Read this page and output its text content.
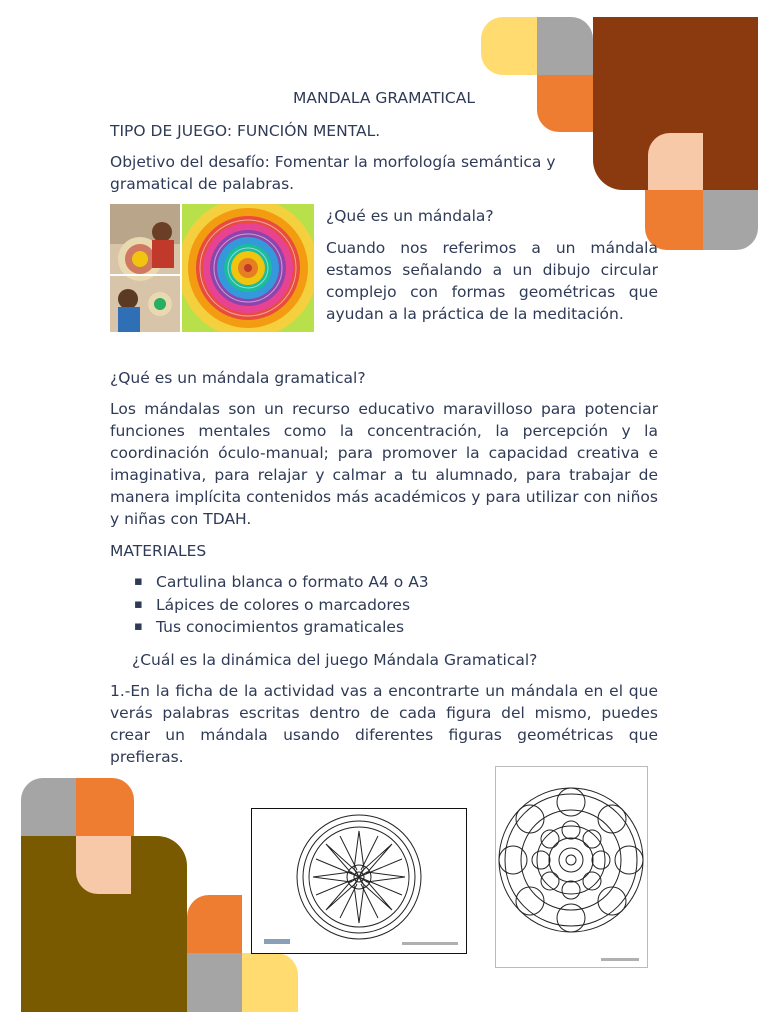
MANDALA GRAMATICAL

TIPO DE JUEGO: FUNCIÓN MENTAL.

Objetivo del desafío: Fomentar la morfología semántica y gramatical de palabras.

¿Qué es un mándala?

Cuando nos referimos a un mándala estamos señalando a un dibujo circular complejo con formas geométricas que ayudan a la práctica de la meditación.

¿Qué es un mándala gramatical?

Los mándalas son un recurso educativo maravilloso para potenciar funciones mentales como la concentración, la percepción y la coordinación óculo-manual; para promover la capacidad creativa e imaginativa, para relajar y calmar a tu alumnado, para trabajar de manera implícita contenidos más académicos y para utilizar con niños y niñas con TDAH.

MATERIALES

▪ Cartulina blanca o formato A4 o A3
▪ Lápices de colores o marcadores
▪ Tus conocimientos gramaticales

¿Cuál es la dinámica del juego Mándala Gramatical?

1.-En la ficha de la actividad vas a encontrarte un mándala en el que verás palabras escritas dentro de cada figura del mismo, puedes crear un mándala usando diferentes figuras geométricas que prefieras.
